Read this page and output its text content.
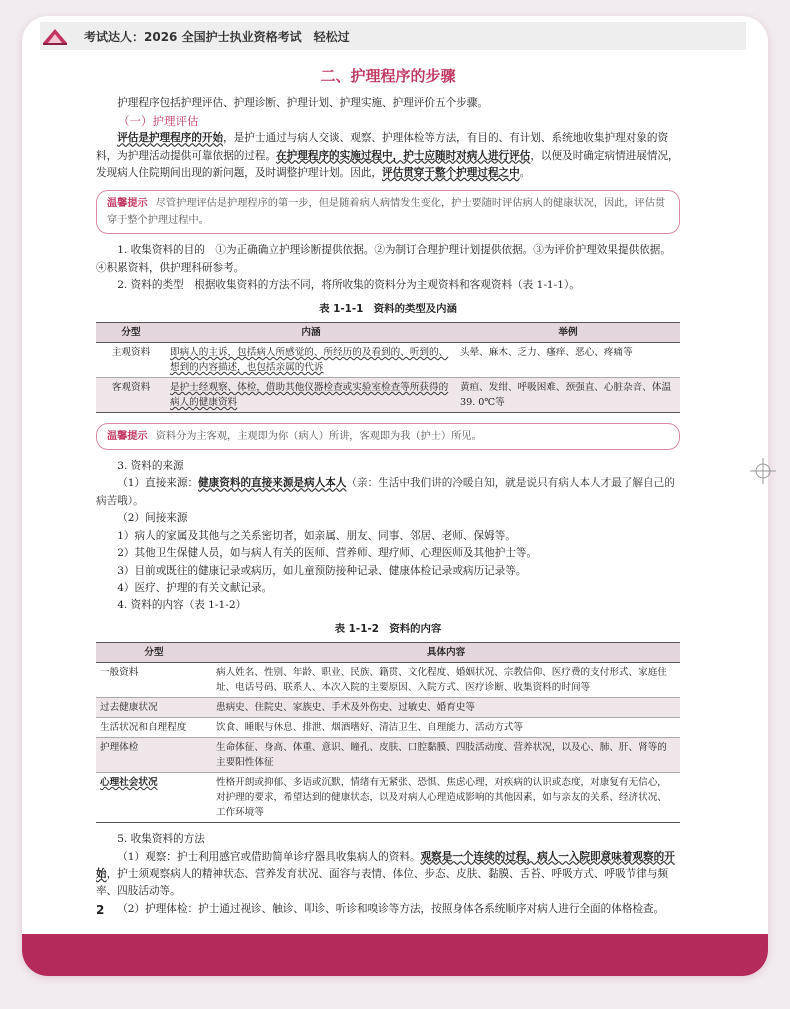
考试达人：2026 全国护士执业资格考试　轻松过
二、护理程序的步骤

护理程序包括护理评估、护理诊断、护理计划、护理实施、护理评价五个步骤。

（一）护理评估

评估是护理程序的开始，是护士通过与病人交谈、观察、护理体检等方法，有目的、有计划、系统地收集护理对象的资料，为护理活动提供可靠依据的过程。在护理程序的实施过程中，护士应随时对病人进行评估，以便及时确定病情进展情况，发现病人住院期间出现的新问题，及时调整护理计划。因此，评估贯穿于整个护理过程之中。

温馨提示 尽管护理评估是护理程序的第一步，但是随着病人病情发生变化，护士要随时评估病人的健康状况，因此，评估贯穿于整个护理过程中。

1. 收集资料的目的　①为正确确立护理诊断提供依据。②为制订合理护理计划提供依据。③为评价护理效果提供依据。④积累资料，供护理科研参考。

2. 资料的类型　根据收集资料的方法不同，将所收集的资料分为主观资料和客观资料（表 1-1-1）。

表 1-1-1　资料的类型及内涵
分型	内涵	举例
主观资料	即病人的主诉，包括病人所感觉的、所经历的及看到的、听到的、想到的内容描述，也包括亲属的代诉	头晕、麻木、乏力、瘙痒、恶心、疼痛等
客观资料	是护士经观察、体检，借助其他仪器检查或实验室检查等所获得的病人的健康资料	黄疸、发绀、呼吸困难、颈强直、心脏杂音、体温 39. 0℃等
温馨提示 资料分为主客观，主观即为你（病人）所讲，客观即为我（护士）所见。

3. 资料的来源

（1）直接来源：健康资料的直接来源是病人本人（亲：生活中我们讲的冷暖自知，就是说只有病人本人才最了解自己的病苦哦）。

（2）间接来源

1）病人的家属及其他与之关系密切者，如亲属、朋友、同事、邻居、老师、保姆等。

2）其他卫生保健人员，如与病人有关的医师、营养师、理疗师、心理医师及其他护士等。

3）目前或既往的健康记录或病历，如儿童预防接种记录、健康体检记录或病历记录等。

4）医疗、护理的有关文献记录。

4. 资料的内容（表 1-1-2）

表 1-1-2　资料的内容
分型	具体内容
一般资料	病人姓名、性别、年龄、职业、民族、籍贯、文化程度、婚姻状况、宗教信仰、医疗费的支付形式、家庭住址、电话号码、联系人、本次入院的主要原因、入院方式、医疗诊断、收集资料的时间等
过去健康状况	患病史、住院史、家族史、手术及外伤史、过敏史、婚育史等
生活状况和自理程度	饮食、睡眠与休息、排泄、烟酒嗜好、清洁卫生、自理能力、活动方式等
护理体检	生命体征、身高、体重、意识、瞳孔、皮肤、口腔黏膜、四肢活动度、营养状况，以及心、肺、肝、肾等的主要阳性体征
心理社会状况	性格开朗或抑郁、多语或沉默，情绪有无紧张、恐惧、焦虑心理，对疾病的认识或态度，对康复有无信心，对护理的要求，希望达到的健康状态，以及对病人心理造成影响的其他因素，如与亲友的关系、经济状况、工作环境等

5. 收集资料的方法

（1）观察：护士利用感官或借助简单诊疗器具收集病人的资料。观察是一个连续的过程，病人一入院即意味着观察的开始，护士须观察病人的精神状态、营养发育状况、面容与表情、体位、步态、皮肤、黏膜、舌苔、呼吸方式、呼吸节律与频率、四肢活动等。

（2）护理体检：护士通过视诊、触诊、叩诊、听诊和嗅诊等方法，按照身体各系统顺序对病人进行全面的体格检查。

2
